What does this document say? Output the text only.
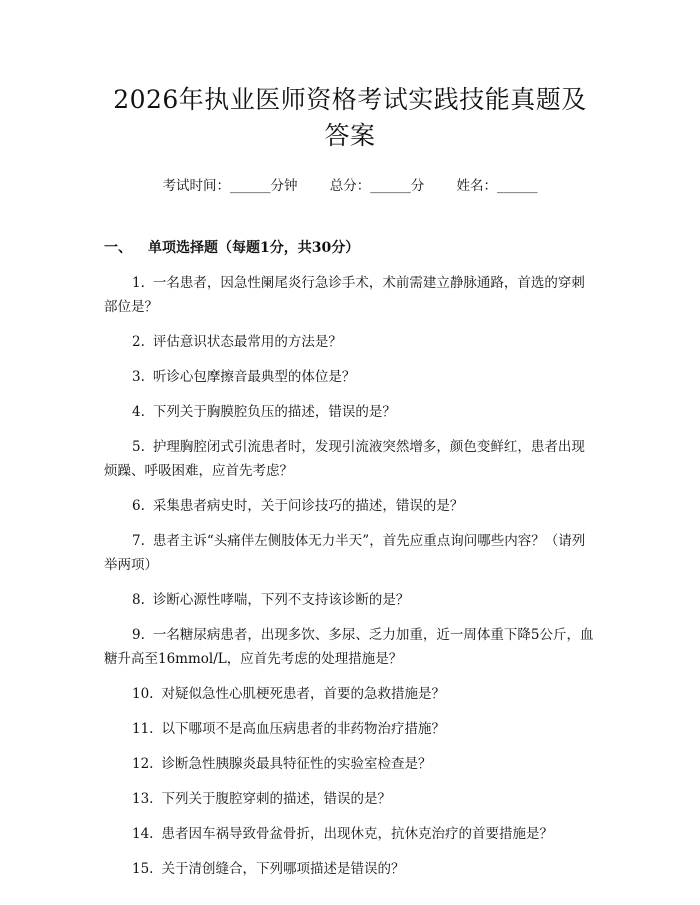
2026年执业医师资格考试实践技能真题及答案
考试时间：______分钟 总分：______分 姓名：______
一、 单项选择题（每题1分，共30分）
1. 一名患者，因急性阑尾炎行急诊手术，术前需建立静脉通路，首选的穿刺部位是？
2. 评估意识状态最常用的方法是？
3. 听诊心包摩擦音最典型的体位是？
4. 下列关于胸膜腔负压的描述，错误的是？
5. 护理胸腔闭式引流患者时，发现引流液突然增多，颜色变鲜红，患者出现烦躁、呼吸困难，应首先考虑？
6. 采集患者病史时，关于问诊技巧的描述，错误的是？
7. 患者主诉“头痛伴左侧肢体无力半天”，首先应重点询问哪些内容？（请列举两项）
8. 诊断心源性哮喘，下列不支持该诊断的是？
9. 一名糖尿病患者，出现多饮、多尿、乏力加重，近一周体重下降5公斤，血糖升高至16mmol/L，应首先考虑的处理措施是？
10. 对疑似急性心肌梗死患者，首要的急救措施是？
11. 以下哪项不是高血压病患者的非药物治疗措施？
12. 诊断急性胰腺炎最具特征性的实验室检查是？
13. 下列关于腹腔穿刺的描述，错误的是？
14. 患者因车祸导致骨盆骨折，出现休克，抗休克治疗的首要措施是？
15. 关于清创缝合，下列哪项描述是错误的？
